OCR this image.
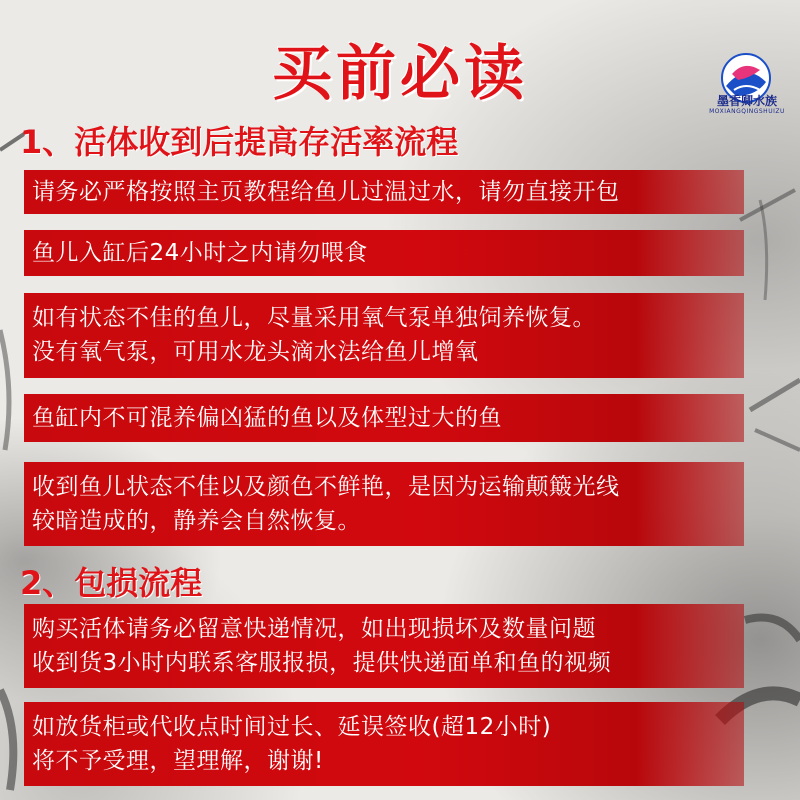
买前必读	墨香卿水族
MOXIANGQINGSHUIZU
1、活体收到后提高存活率流程
请务必严格按照主页教程给鱼儿过温过水，请勿直接开包
鱼儿入缸后24小时之内请勿喂食
如有状态不佳的鱼儿，尽量采用氧气泵单独饲养恢复。
没有氧气泵，可用水龙头滴水法给鱼儿增氧
鱼缸内不可混养偏凶猛的鱼以及体型过大的鱼
收到鱼儿状态不佳以及颜色不鲜艳，是因为运输颠簸光线
较暗造成的，静养会自然恢复。
2、包损流程
购买活体请务必留意快递情况，如出现损坏及数量问题
收到货3小时内联系客服报损，提供快递面单和鱼的视频
如放货柜或代收点时间过长、延误签收(超12小时)
将不予受理，望理解，谢谢!
